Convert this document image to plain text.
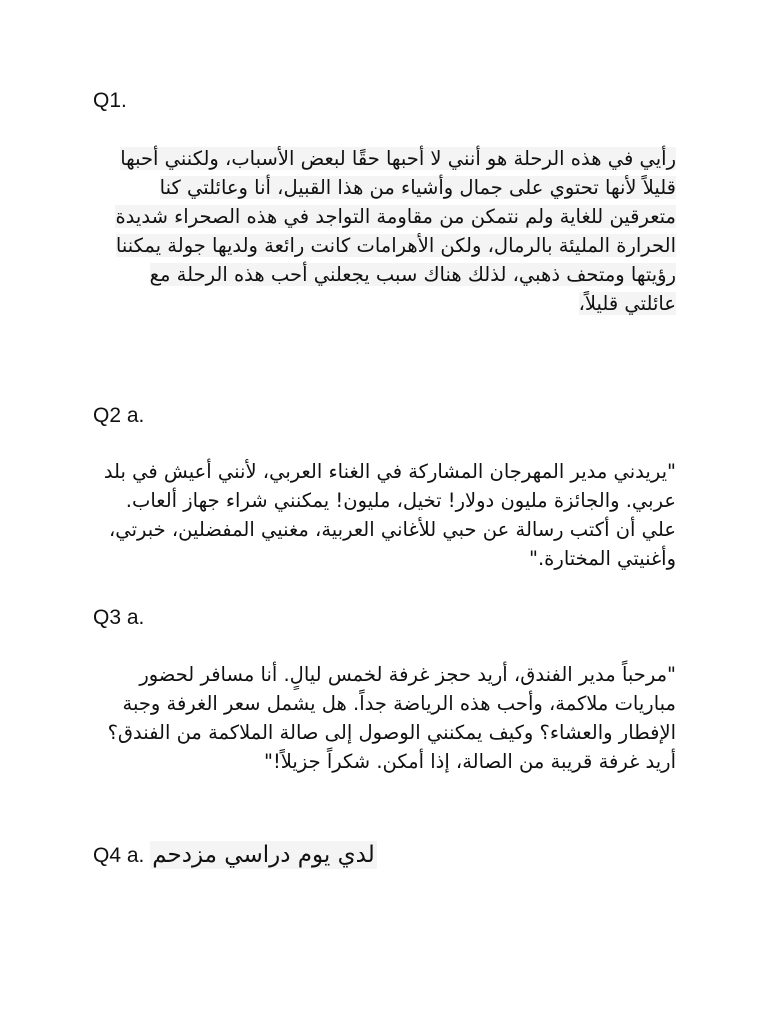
Q1.
رأيي في هذه الرحلة هو أنني لا أحبها حقًا لبعض الأسباب، ولكنني أحبها قليلاً لأنها تحتوي على جمال وأشياء من هذا القبيل، أنا وعائلتي كنا متعرقين للغاية ولم نتمكن من مقاومة التواجد في هذه الصحراء شديدة الحرارة المليئة بالرمال، ولكن الأهرامات كانت رائعة ولديها جولة يمكننا رؤيتها ومتحف ذهبي، لذلك هناك سبب يجعلني أحب هذه الرحلة مع عائلتي قليلاً،
Q2 a.
"يريدني مدير المهرجان المشاركة في الغناء العربي، لأنني أعيش في بلد عربي. والجائزة مليون دولار! تخيل، مليون! يمكنني شراء جهاز ألعاب. علي أن أكتب رسالة عن حبي للأغاني العربية، مغنيي المفضلين، خبرتي، وأغنيتي المختارة."
Q3 a.
"مرحباً مدير الفندق، أريد حجز غرفة لخمس ليالٍ. أنا مسافر لحضور مباريات ملاكمة، وأحب هذه الرياضة جداً. هل يشمل سعر الغرفة وجبة الإفطار والعشاء؟ وكيف يمكنني الوصول إلى صالة الملاكمة من الفندق؟ أريد غرفة قريبة من الصالة، إذا أمكن. شكراً جزيلاً!"
Q4 a. لدي يوم دراسي مزدحم
